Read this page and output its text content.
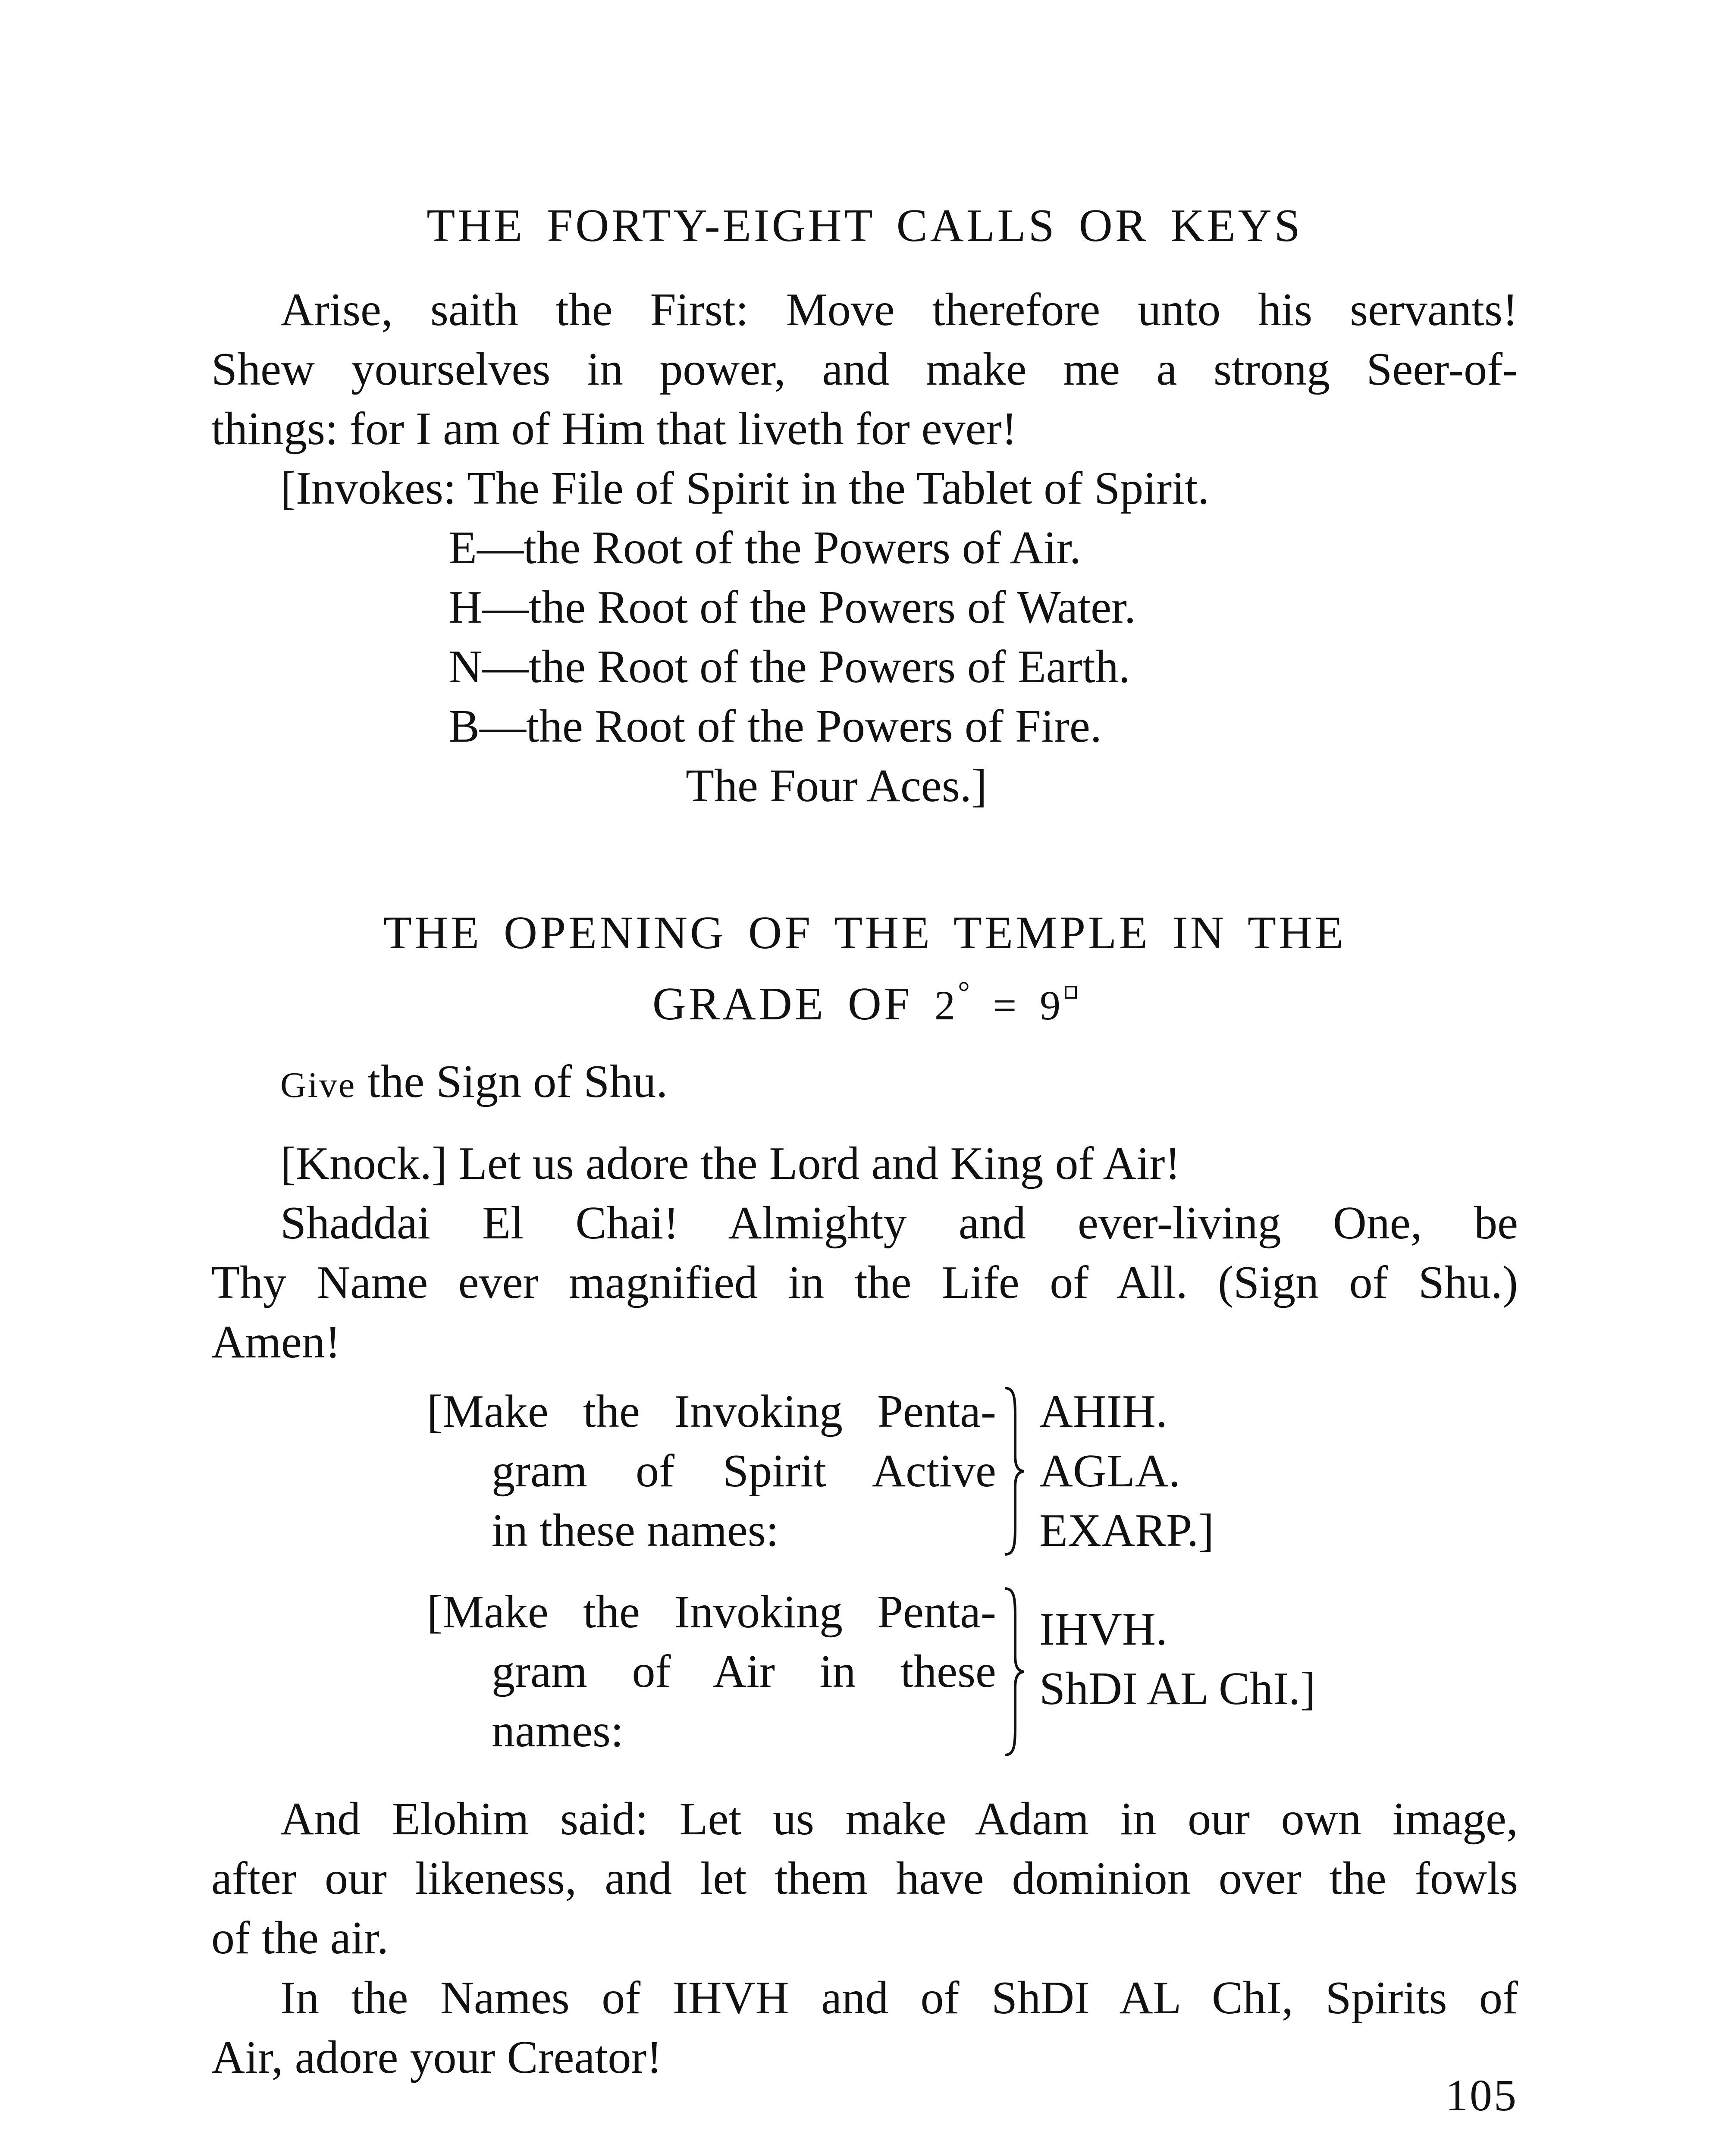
THE FORTY-EIGHT CALLS OR KEYS
Arise, saith the First: Move therefore unto his servants!
Shew yourselves in power, and make me a strong Seer-of-
things: for I am of Him that liveth for ever!
[Invokes: The File of Spirit in the Tablet of Spirit.
E—the Root of the Powers of Air.
H—the Root of the Powers of Water.
N—the Root of the Powers of Earth.
B—the Root of the Powers of Fire.
The Four Aces.]
THE OPENING OF THE TEMPLE IN THE
GRADE OF 2° = 9
Give the Sign of Shu.
[Knock.] Let us adore the Lord and King of Air!
Shaddai El Chai! Almighty and ever-living One, be
Thy Name ever magnified in the Life of All. (Sign of Shu.)
Amen!
[Make the Invoking Penta-
gram of Spirit Active
in these names:
AHIH.
AGLA.
EXARP.]
[Make the Invoking Penta-
gram of Air in these
names:
IHVH.
ShDI AL ChI.]
And Elohim said: Let us make Adam in our own image,
after our likeness, and let them have dominion over the fowls
of the air.
In the Names of IHVH and of ShDI AL ChI, Spirits of
Air, adore your Creator!
105
